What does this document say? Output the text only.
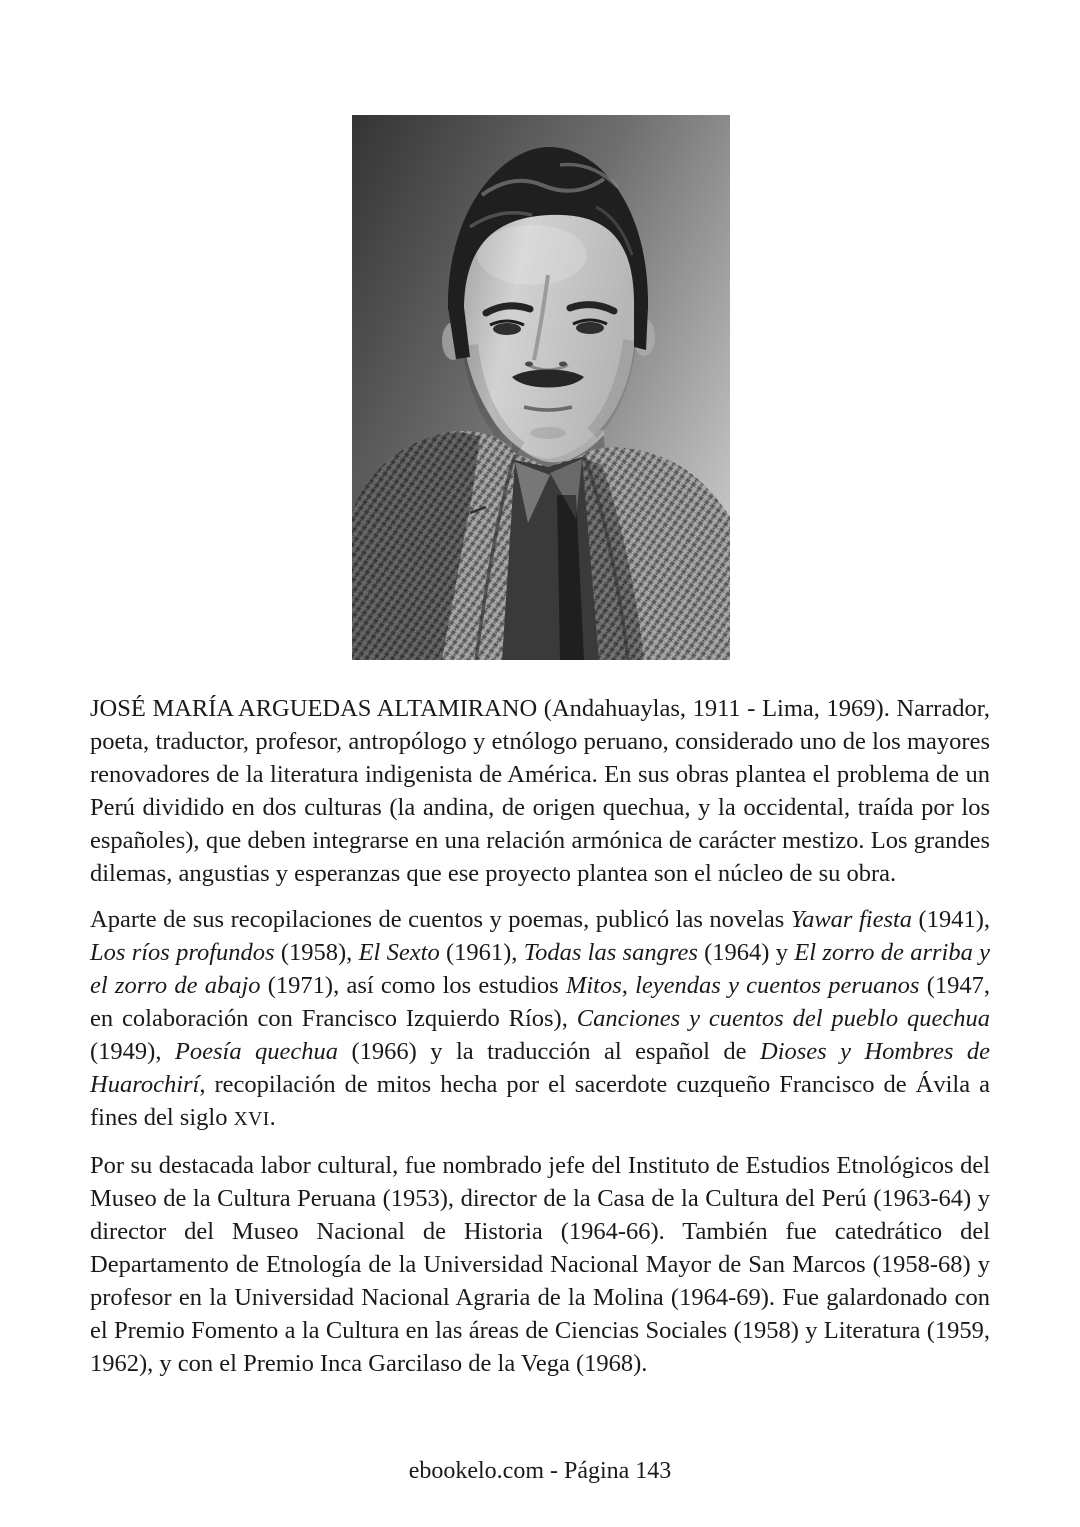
JOSÉ MARÍA ARGUEDAS ALTAMIRANO (Andahuaylas, 1911 - Lima, 1969). Narrador, poeta, traductor, profesor, antropólogo y etnólogo peruano, considerado uno de los mayores renovadores de la literatura indigenista de América. En sus obras plantea el problema de un Perú dividido en dos culturas (la andina, de origen quechua, y la occidental, traída por los españoles), que deben integrarse en una relación armónica de carácter mestizo. Los grandes dilemas, angustias y esperanzas que ese proyecto plantea son el núcleo de su obra.

Aparte de sus recopilaciones de cuentos y poemas, publicó las novelas Yawar fiesta (1941), Los ríos profundos (1958), El Sexto (1961), Todas las sangres (1964) y El zorro de arriba y el zorro de abajo (1971), así como los estudios Mitos, leyendas y cuentos peruanos (1947, en colaboración con Francisco Izquierdo Ríos), Canciones y cuentos del pueblo quechua (1949), Poesía quechua (1966) y la traducción al español de Dioses y Hombres de Huarochirí, recopilación de mitos hecha por el sacerdote cuzqueño Francisco de Ávila a fines del siglo XVI.

Por su destacada labor cultural, fue nombrado jefe del Instituto de Estudios Etnológicos del Museo de la Cultura Peruana (1953), director de la Casa de la Cultura del Perú (1963-64) y director del Museo Nacional de Historia (1964-66). También fue catedrático del Departamento de Etnología de la Universidad Nacional Mayor de San Marcos (1958-68) y profesor en la Universidad Nacional Agraria de la Molina (1964-69). Fue galardonado con el Premio Fomento a la Cultura en las áreas de Ciencias Sociales (1958) y Literatura (1959, 1962), y con el Premio Inca Garcilaso de la Vega (1968).

ebookelo.com - Página 143
